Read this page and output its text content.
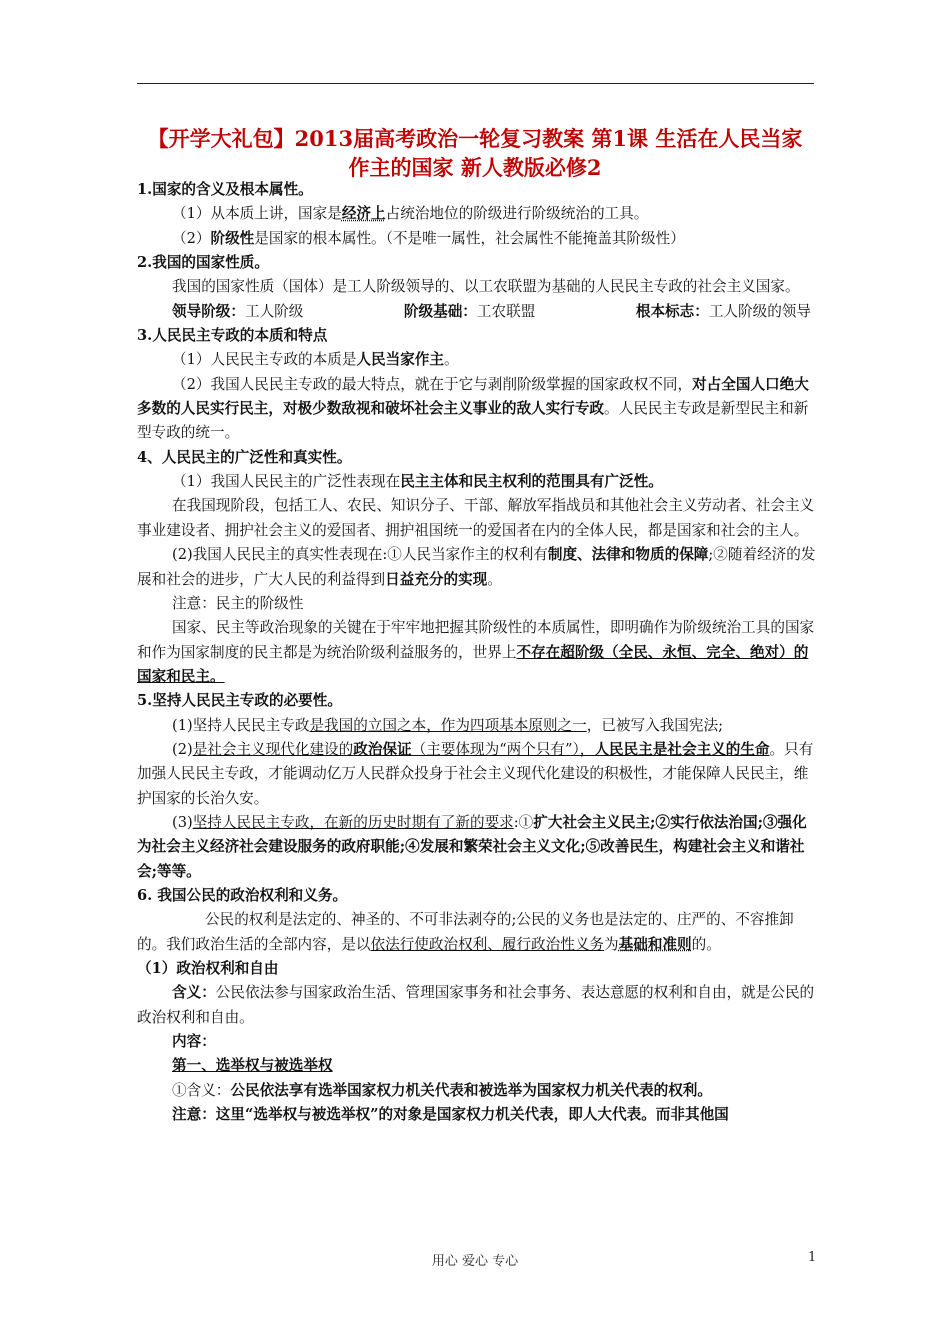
【开学大礼包】2013届高考政治一轮复习教案 第1课 生活在人民当家
作主的国家 新人教版必修2

1.国家的含义及根本属性。

（1）从本质上讲，国家是经济上占统治地位的阶级进行阶级统治的工具。

（2）阶级性是国家的根本属性。（不是唯一属性，社会属性不能掩盖其阶级性）

2.我国的国家性质。

我国的国家性质（国体）是工人阶级领导的、以工农联盟为基础的人民民主专政的社会主义国家。

领导阶级：工人阶级	阶级基础：工农联盟	根本标志：工人阶级的领导

3.人民民主专政的本质和特点

（1）人民民主专政的本质是人民当家作主。

（2）我国人民民主专政的最大特点，就在于它与剥削阶级掌握的国家政权不同，对占全国人口绝大多数的人民实行民主，对极少数敌视和破坏社会主义事业的敌人实行专政。人民民主专政是新型民主和新型专政的统一。

4、人民民主的广泛性和真实性。

（1）我国人民民主的广泛性表现在民主主体和民主权利的范围具有广泛性。

在我国现阶段，包括工人、农民、知识分子、干部、解放军指战员和其他社会主义劳动者、社会主义事业建设者、拥护社会主义的爱国者、拥护祖国统一的爱国者在内的全体人民，都是国家和社会的主人。

(2)我国人民民主的真实性表现在:①人民当家作主的权利有制度、法律和物质的保障;②随着经济的发展和社会的进步，广大人民的利益得到日益充分的实现。

注意：民主的阶级性

国家、民主等政治现象的关键在于牢牢地把握其阶级性的本质属性，即明确作为阶级统治工具的国家和作为国家制度的民主都是为统治阶级利益服务的，世界上不存在超阶级（全民、永恒、完全、绝对）的国家和民主。

5.坚持人民民主专政的必要性。

(1)坚持人民民主专政是我国的立国之本，作为四项基本原则之一，已被写入我国宪法;

(2)是社会主义现代化建设的政治保证（主要体现为“两个只有”），人民民主是社会主义的生命。只有加强人民民主专政，才能调动亿万人民群众投身于社会主义现代化建设的积极性，才能保障人民民主，维护国家的长治久安。

(3)坚持人民民主专政，在新的历史时期有了新的要求:①扩大社会主义民主;②实行依法治国;③强化为社会主义经济社会建设服务的政府职能;④发展和繁荣社会主义文化;⑤改善民生，构建社会主义和谐社会;等等。

6. 我国公民的政治权利和义务。

公民的权利是法定的、神圣的、不可非法剥夺的;公民的义务也是法定的、庄严的、不容推卸的。我们政治生活的全部内容，是以依法行使政治权利、履行政治性义务为基础和准则的。

（1）政治权利和自由

含义：公民依法参与国家政治生活、管理国家事务和社会事务、表达意愿的权利和自由，就是公民的政治权利和自由。

内容：

第一、选举权与被选举权

①含义：公民依法享有选举国家权力机关代表和被选举为国家权力机关代表的权利。

注意：这里“选举权与被选举权”的对象是国家权力机关代表，即人大代表。而非其他国

用心 爱心 专心	1
